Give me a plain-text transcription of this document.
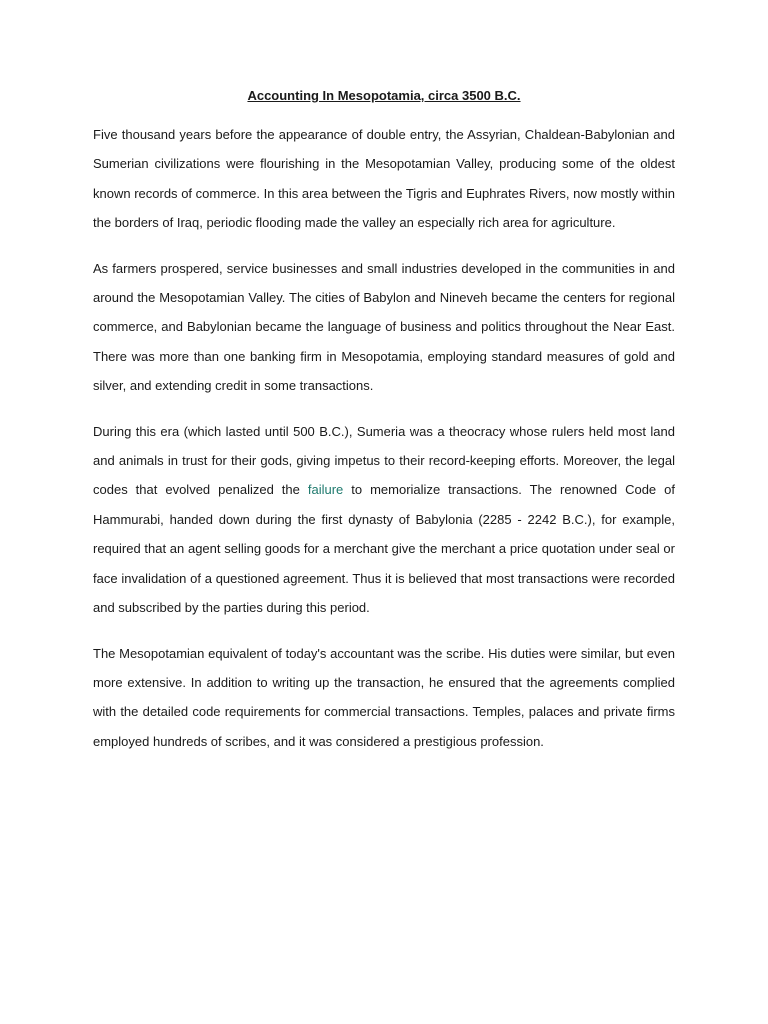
Accounting In Mesopotamia, circa 3500 B.C.

Five thousand years before the appearance of double entry, the Assyrian, Chaldean-Babylonian and Sumerian civilizations were flourishing in the Mesopotamian Valley, producing some of the oldest known records of commerce. In this area between the Tigris and Euphrates Rivers, now mostly within the borders of Iraq, periodic flooding made the valley an especially rich area for agriculture.

As farmers prospered, service businesses and small industries developed in the communities in and around the Mesopotamian Valley. The cities of Babylon and Nineveh became the centers for regional commerce, and Babylonian became the language of business and politics throughout the Near East. There was more than one banking firm in Mesopotamia, employing standard measures of gold and silver, and extending credit in some transactions.

During this era (which lasted until 500 B.C.), Sumeria was a theocracy whose rulers held most land and animals in trust for their gods, giving impetus to their record-keeping efforts. Moreover, the legal codes that evolved penalized the failure to memorialize transactions. The renowned Code of Hammurabi, handed down during the first dynasty of Babylonia (2285 - 2242 B.C.), for example, required that an agent selling goods for a merchant give the merchant a price quotation under seal or face invalidation of a questioned agreement. Thus it is believed that most transactions were recorded and subscribed by the parties during this period.

The Mesopotamian equivalent of today's accountant was the scribe. His duties were similar, but even more extensive. In addition to writing up the transaction, he ensured that the agreements complied with the detailed code requirements for commercial transactions. Temples, palaces and private firms employed hundreds of scribes, and it was considered a prestigious profession.
